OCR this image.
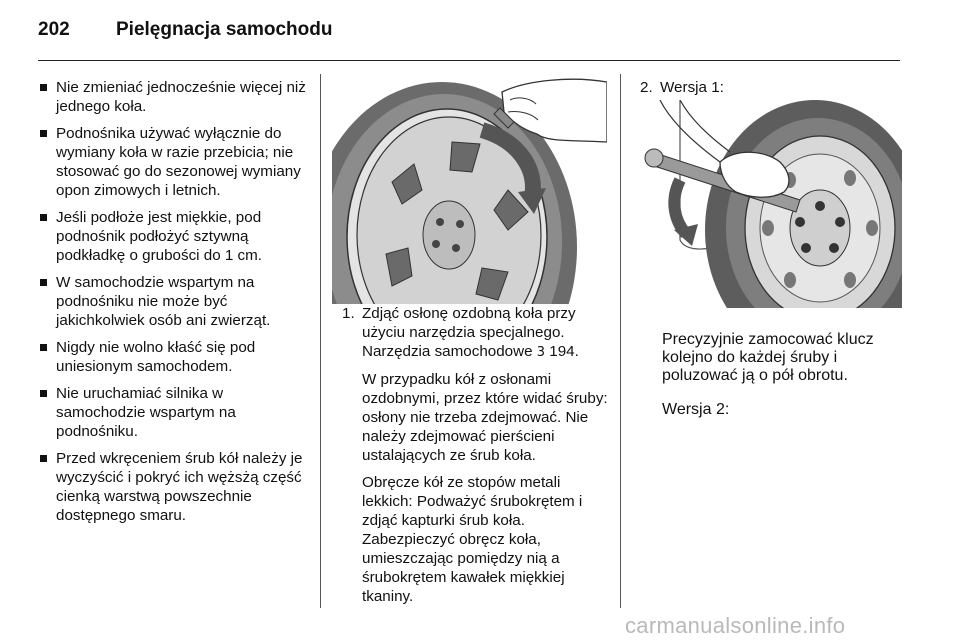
202 Pielęgnacja samochodu
Nie zmieniać jednocześnie więcej niż jednego koła.
Podnośnika używać wyłącznie do wymiany koła w razie przebicia; nie stosować go do sezonowej wymiany opon zimowych i letnich.
Jeśli podłoże jest miękkie, pod podnośnik podłożyć sztywną podkładkę o grubości do 1 cm.
W samochodzie wspartym na podnośniku nie może być jakichkolwiek osób ani zwierząt.
Nigdy nie wolno kłaść się pod uniesionym samochodem.
Nie uruchamiać silnika w samochodzie wspartym na podnośniku.
Przed wkręceniem śrub kół należy je wyczyścić i pokryć ich wężsżą część cienką warstwą powszechnie dostępnego smaru.

1. Zdjąć osłonę ozdobną koła przy użyciu narzędzia specjalnego. Narzędzia samochodowe 3 194.

W przypadku kół z osłonami ozdobnymi, przez które widać śruby: osłony nie trzeba zdejmować. Nie należy zdejmować pierścieni ustalających ze śrub koła.

Obręcze kół ze stopów metali lekkich: Podważyć śrubokrętem i zdjąć kapturki śrub koła. Zabezpieczyć obręcz koła, umieszczając pomiędzy nią a śrubokrętem kawałek miękkiej tkaniny.

2. Wersja 1:

Precyzyjnie zamocować klucz kolejno do każdej śruby i poluzować ją o pół obrotu.

Wersja 2:

carmanualsonline.info
